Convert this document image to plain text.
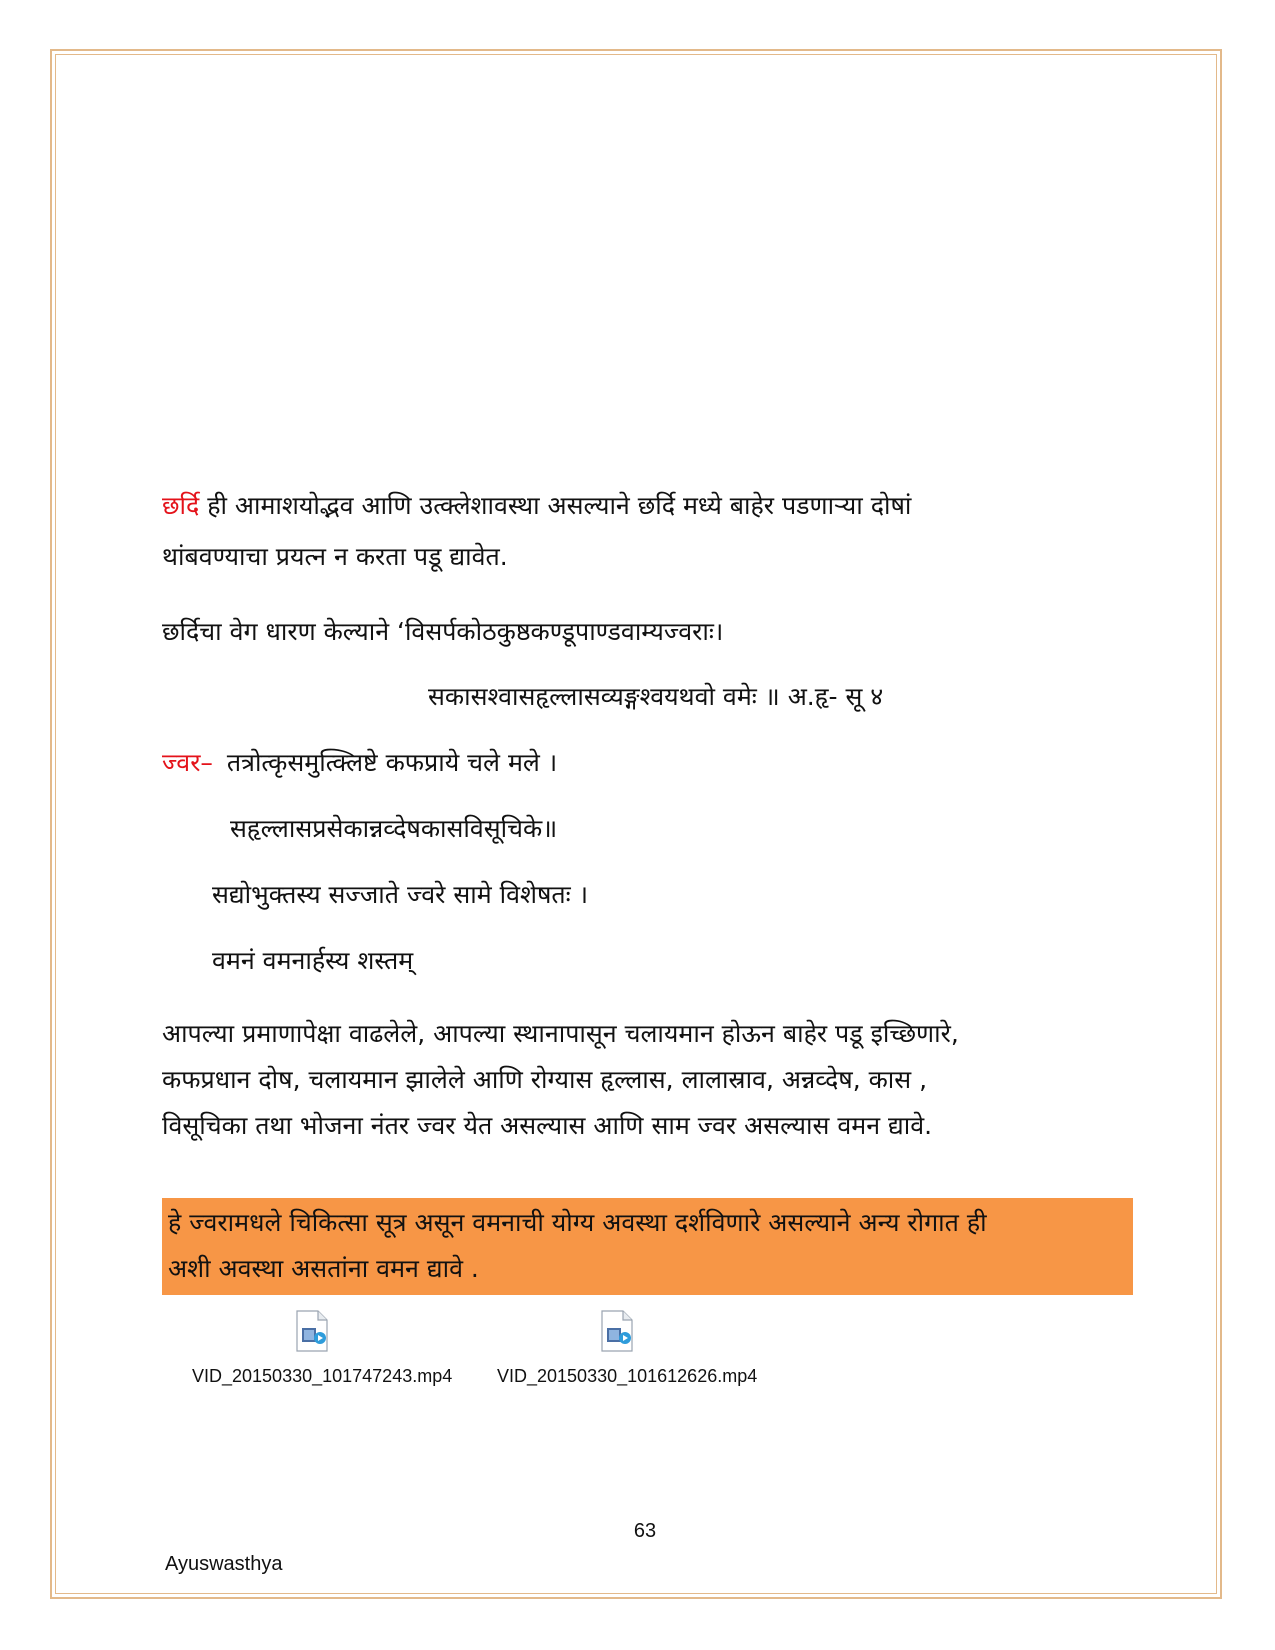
छर्दि ही आमाशयोद्भव आणि उत्क्लेशावस्था असल्याने छर्दि मध्ये बाहेर पडणाऱ्या दोषां
थांबवण्याचा प्रयत्न न करता पडू द्यावेत.
छर्दिचा वेग धारण केल्याने ‘विसर्पकोठकुष्ठकण्डूपाण्डवाम्यज्वराः।
सकासश्वासहृल्लासव्यङ्गश्वयथवो वमेः ॥ अ.हृ- सू ४
ज्वर– तत्रोत्कृसमुत्क्लिष्टे कफप्राये चले मले ।
सहृल्लासप्रसेकान्नव्देषकासविसूचिके॥
सद्योभुक्तस्य सज्जाते ज्वरे सामे विशेषतः ।
वमनं वमनार्हस्य शस्तम्
आपल्या प्रमाणापेक्षा वाढलेले, आपल्या स्थानापासून चलायमान होऊन बाहेर पडू इच्छिणारे,
कफप्रधान दोष, चलायमान झालेले आणि रोग्यास हृल्लास, लालास्राव, अन्नव्देष, कास ,
विसूचिका तथा भोजना नंतर ज्वर येत असल्यास आणि साम ज्वर असल्यास वमन द्यावे.
हे ज्वरामधले चिकित्सा सूत्र असून वमनाची योग्य अवस्था दर्शविणारे असल्याने अन्य रोगात ही
अशी अवस्था असतांना वमन द्यावे .
VID_20150330_101747243.mp4 VID_20150330_101612626.mp4
63
Ayuswasthya
